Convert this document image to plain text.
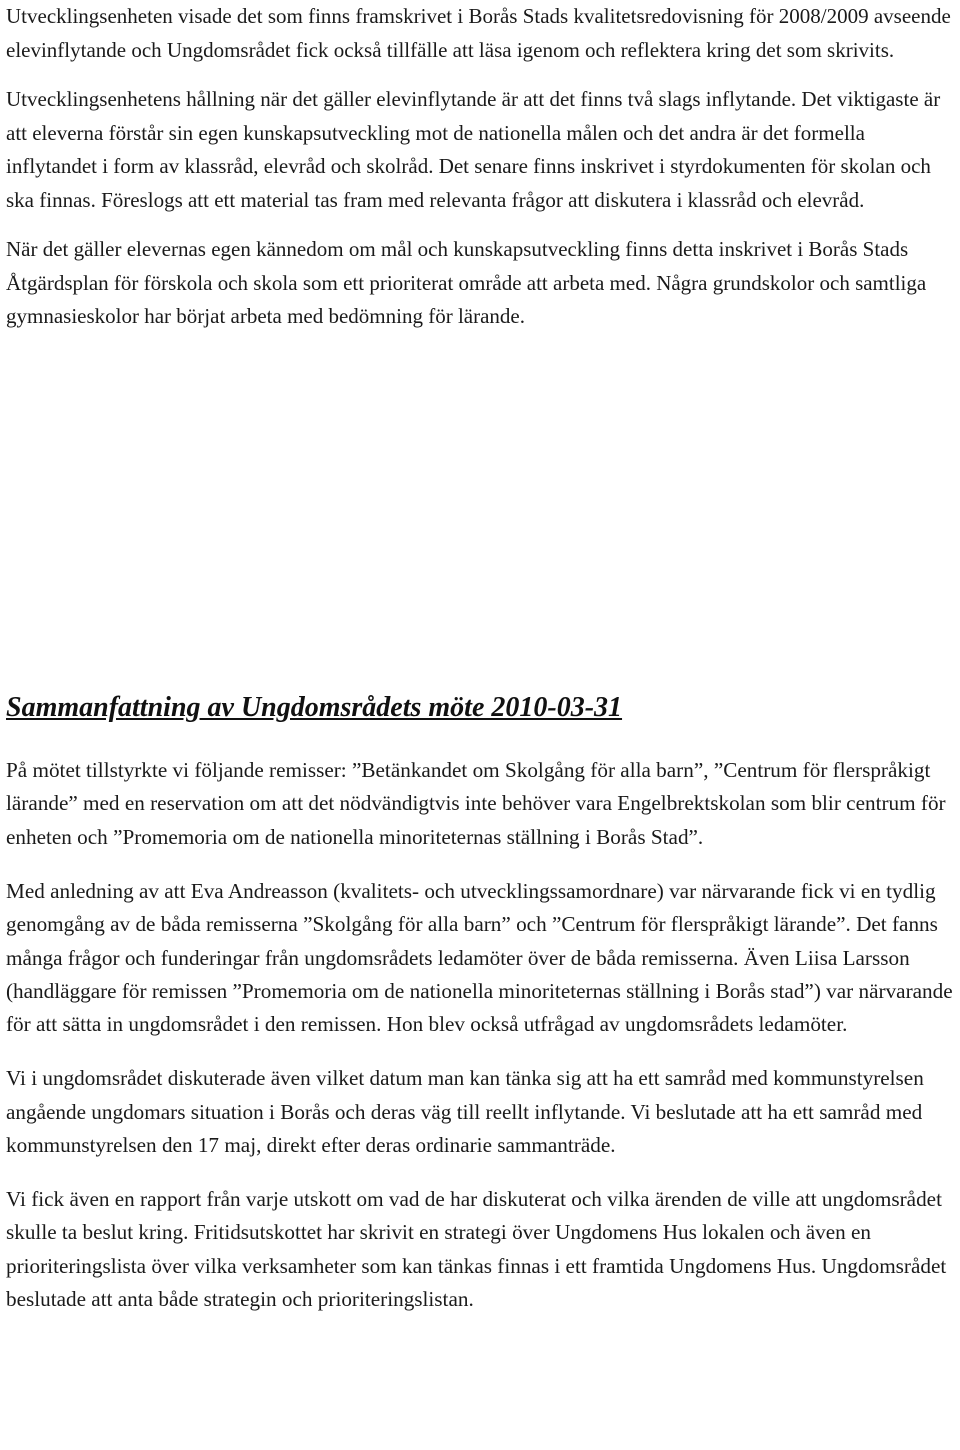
Utvecklingsenheten visade det som finns framskrivet i Borås Stads kvalitetsredovisning för 2008/2009 avseende elevinflytande och Ungdomsrådet fick också tillfälle att läsa igenom och reflektera kring det som skrivits.

Utvecklingsenhetens hållning när det gäller elevinflytande är att det finns två slags inflytande. Det viktigaste är att eleverna förstår sin egen kunskapsutveckling mot de nationella målen och det andra är det formella inflytandet i form av klassråd, elevråd och skolråd. Det senare finns inskrivet i styrdokumenten för skolan och ska finnas. Föreslogs att ett material tas fram med relevanta frågor att diskutera i klassråd och elevråd.

När det gäller elevernas egen kännedom om mål och kunskapsutveckling finns detta inskrivet i Borås Stads Åtgärdsplan för förskola och skola som ett prioriterat område att arbeta med. Några grundskolor och samtliga gymnasieskolor har börjat arbeta med bedömning för lärande.

Sammanfattning av Ungdomsrådets möte 2010-03-31

På mötet tillstyrkte vi följande remisser: ”Betänkandet om Skolgång för alla barn”, ”Centrum för flerspråkigt lärande” med en reservation om att det nödvändigtvis inte behöver vara Engelbrektskolan som blir centrum för enheten och ”Promemoria om de nationella minoriteternas ställning i Borås Stad”.

Med anledning av att Eva Andreasson (kvalitets- och utvecklingssamordnare) var närvarande fick vi en tydlig genomgång av de båda remisserna ”Skolgång för alla barn” och ”Centrum för flerspråkigt lärande”. Det fanns många frågor och funderingar från ungdomsrådets ledamöter över de båda remisserna. Även Liisa Larsson (handläggare för remissen ”Promemoria om de nationella minoriteternas ställning i Borås stad”) var närvarande för att sätta in ungdomsrådet i den remissen. Hon blev också utfrågad av ungdomsrådets ledamöter.

Vi i ungdomsrådet diskuterade även vilket datum man kan tänka sig att ha ett samråd med kommunstyrelsen angående ungdomars situation i Borås och deras väg till reellt inflytande. Vi beslutade att ha ett samråd med kommunstyrelsen den 17 maj, direkt efter deras ordinarie sammanträde.

Vi fick även en rapport från varje utskott om vad de har diskuterat och vilka ärenden de ville att ungdomsrådet skulle ta beslut kring. Fritidsutskottet har skrivit en strategi över Ungdomens Hus lokalen och även en prioriteringslista över vilka verksamheter som kan tänkas finnas i ett framtida Ungdomens Hus. Ungdomsrådet beslutade att anta både strategin och prioriteringslistan.
